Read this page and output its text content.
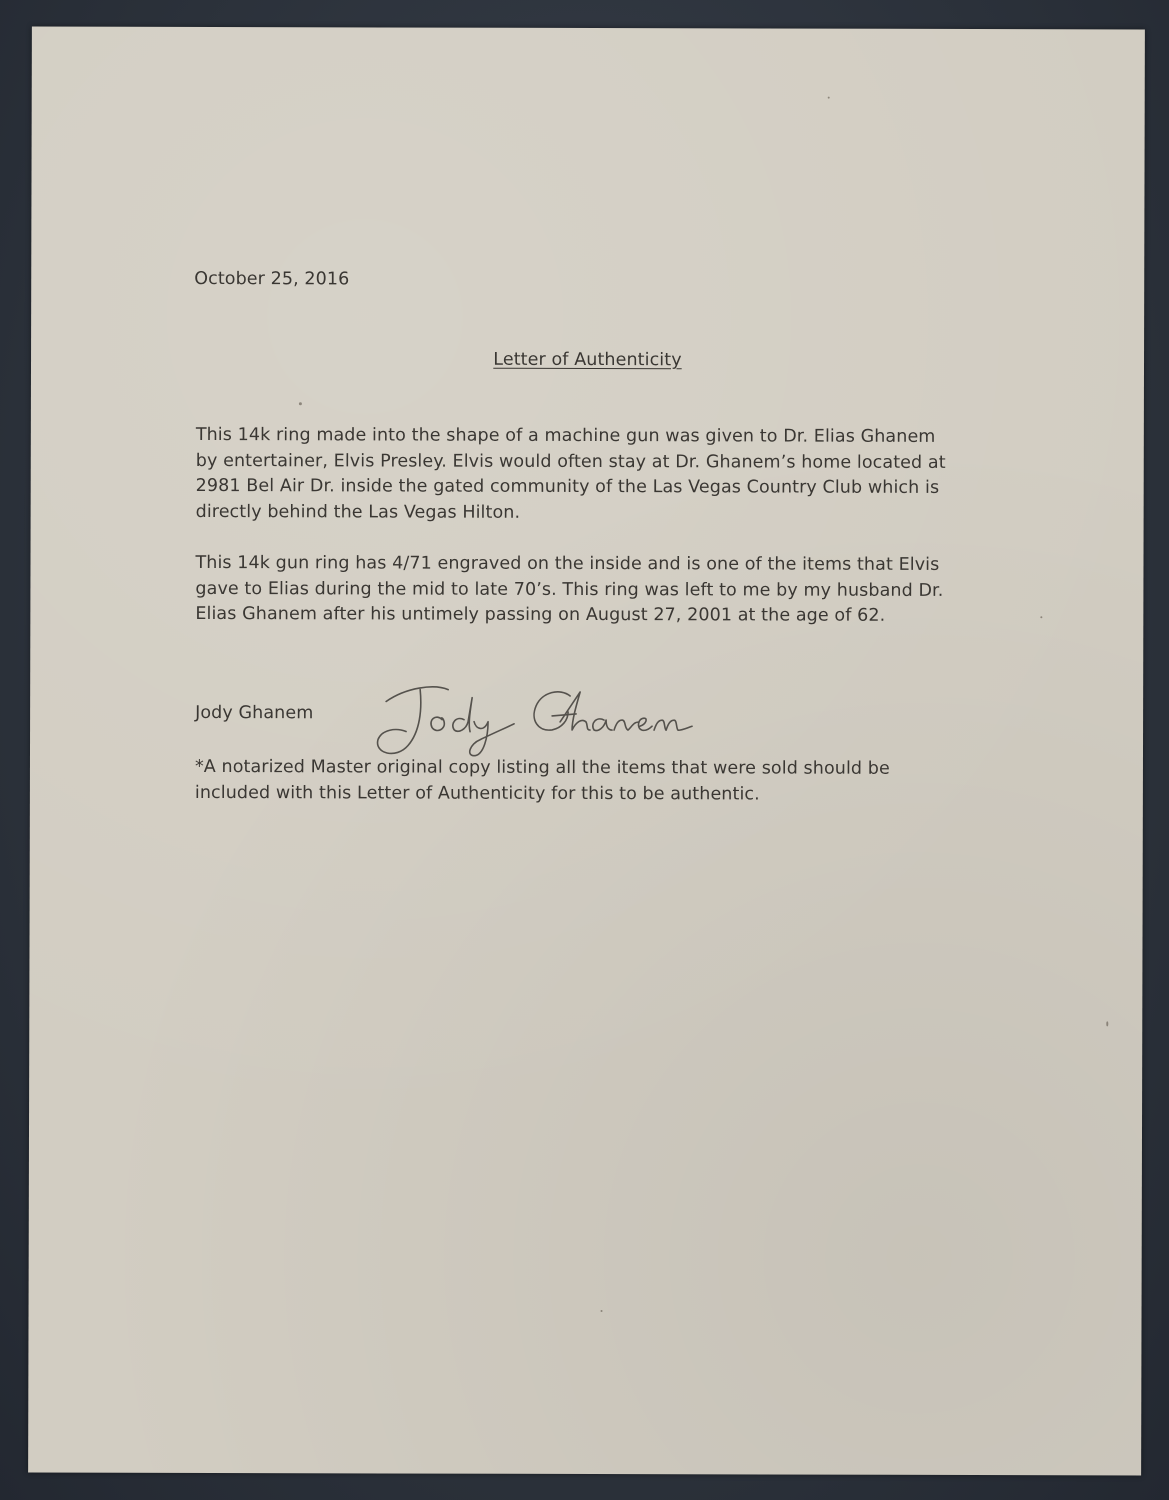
October 25, 2016
Letter of Authenticity
This 14k ring made into the shape of a machine gun was given to Dr. Elias Ghanem
by entertainer, Elvis Presley. Elvis would often stay at Dr. Ghanem’s home located at
2981 Bel Air Dr. inside the gated community of the Las Vegas Country Club which is
directly behind the Las Vegas Hilton.
This 14k gun ring has 4/71 engraved on the inside and is one of the items that Elvis
gave to Elias during the mid to late 70’s. This ring was left to me by my husband Dr.
Elias Ghanem after his untimely passing on August 27, 2001 at the age of 62.
Jody Ghanem
*A notarized Master original copy listing all the items that were sold should be
included with this Letter of Authenticity for this to be authentic.
